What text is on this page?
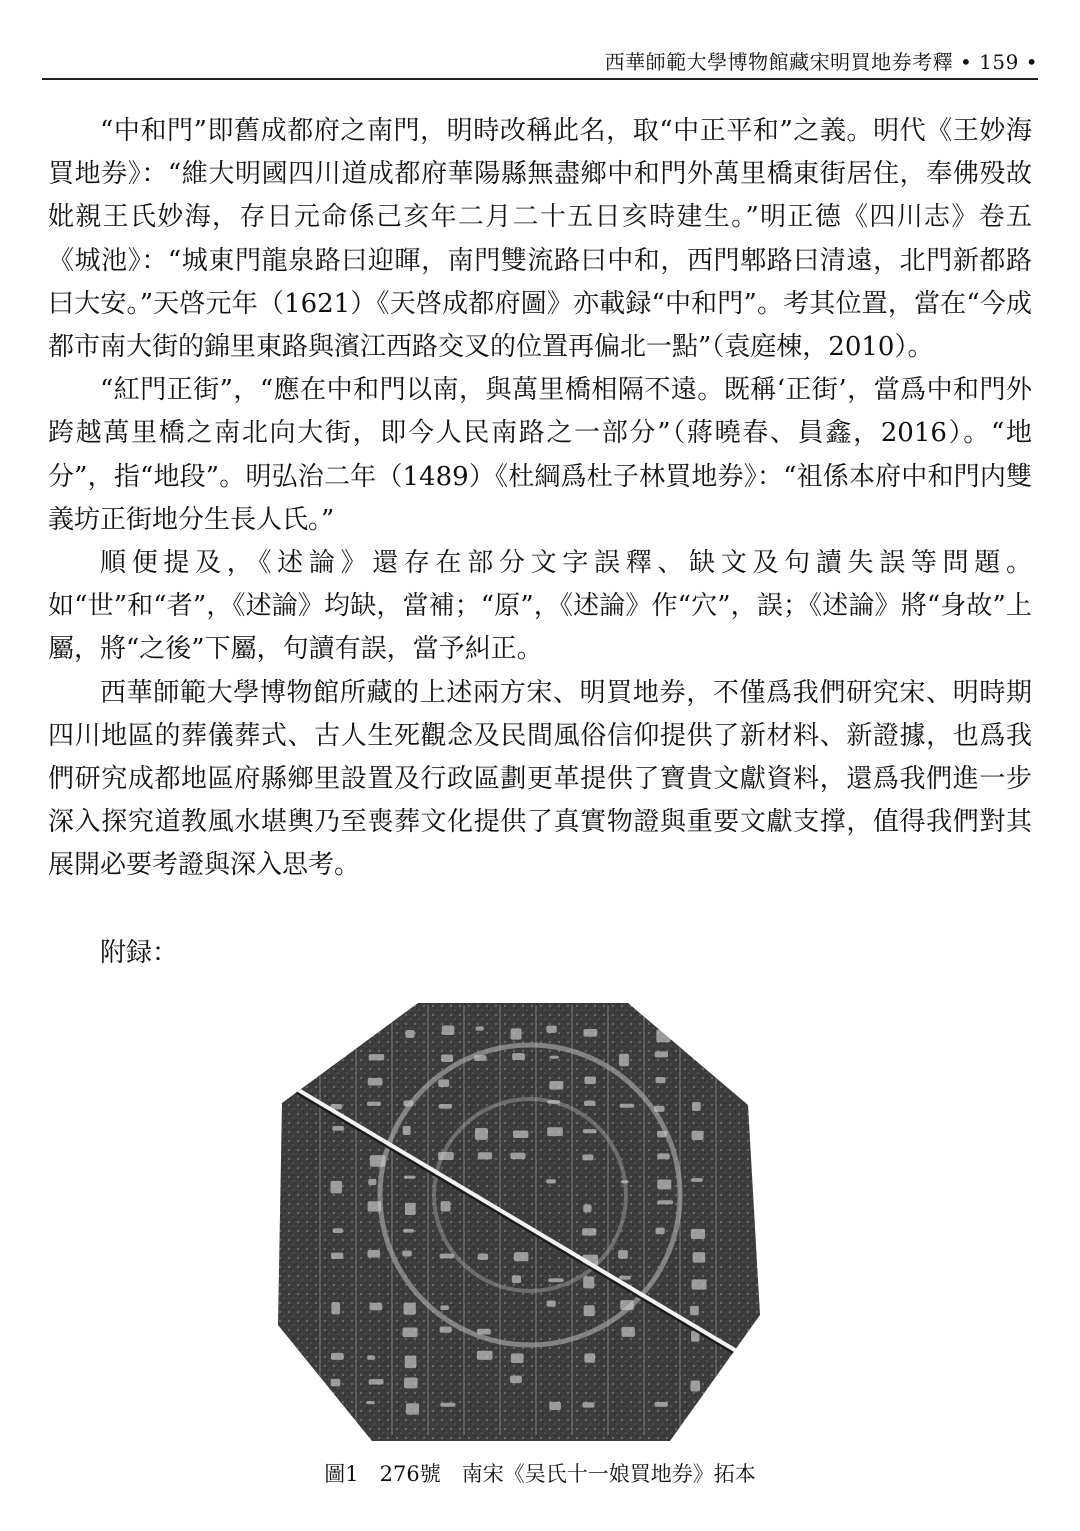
西華師範大學博物館藏宋明買地券考釋 • 159 •

“中和門”即舊成都府之南門，明時改稱此名，取“中正平和”之義。明代《王妙海買地券》：“維大明國四川道成都府華陽縣無盡鄉中和門外萬里橋東街居住，奉佛殁故妣親王氏妙海，存日元命係己亥年二月二十五日亥時建生。”明正德《四川志》卷五《城池》：“城東門龍泉路曰迎暉，南門雙流路曰中和，西門郫路曰清遠，北門新都路曰大安。”天啓元年（1621）《天啓成都府圖》亦載録“中和門”。考其位置，當在“今成都市南大街的錦里東路與濱江西路交叉的位置再偏北一點”（袁庭棟，2010）。

“紅門正街”，“應在中和門以南，與萬里橋相隔不遠。既稱‘正街’，當爲中和門外跨越萬里橋之南北向大街，即今人民南路之一部分”（蔣曉春、員鑫，2016）。“地分”，指“地段”。明弘治二年（1489）《杜綱爲杜子林買地券》：“祖係本府中和門内雙義坊正街地分生長人氏。”

順便提及，《述論》還存在部分文字誤釋、缺文及句讀失誤等問題。如“世”和“者”，《述論》均缺，當補；“原”，《述論》作“穴”，誤；《述論》將“身故”上屬，將“之後”下屬，句讀有誤，當予糾正。

西華師範大學博物館所藏的上述兩方宋、明買地券，不僅爲我們研究宋、明時期四川地區的葬儀葬式、古人生死觀念及民間風俗信仰提供了新材料、新證據，也爲我們研究成都地區府縣鄉里設置及行政區劃更革提供了寶貴文獻資料，還爲我們進一步深入探究道教風水堪輿乃至喪葬文化提供了真實物證與重要文獻支撑，值得我們對其展開必要考證與深入思考。

附録：
圖1　276號　南宋《吴氏十一娘買地券》拓本
